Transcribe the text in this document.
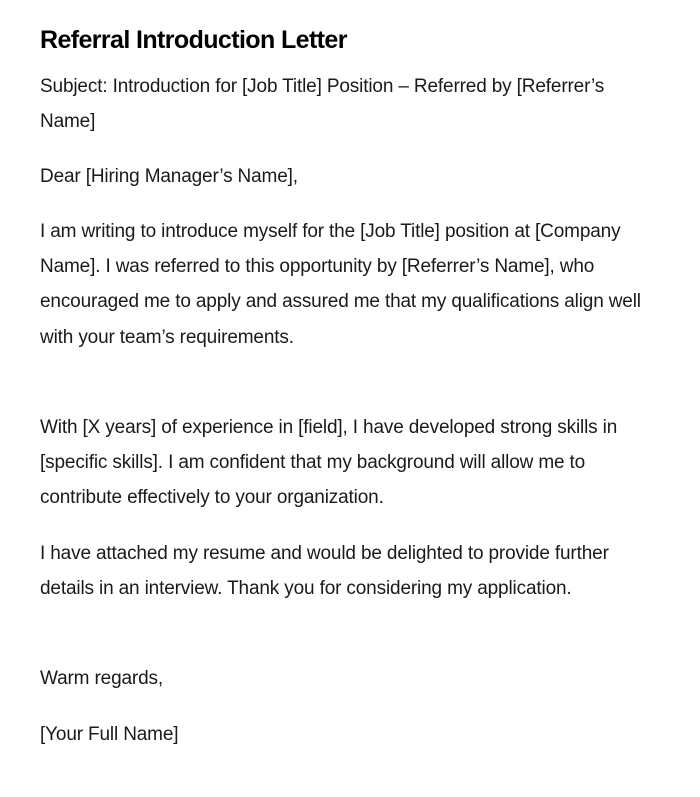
Referral Introduction Letter

Subject: Introduction for [Job Title] Position – Referred by [Referrer’s Name]

Dear [Hiring Manager’s Name],

I am writing to introduce myself for the [Job Title] position at [Company Name]. I was referred to this opportunity by [Referrer’s Name], who encouraged me to apply and assured me that my qualifications align well with your team’s requirements.

With [X years] of experience in [field], I have developed strong skills in [specific skills]. I am confident that my background will allow me to contribute effectively to your organization.

I have attached my resume and would be delighted to provide further details in an interview. Thank you for considering my application.

Warm regards,

[Your Full Name]
